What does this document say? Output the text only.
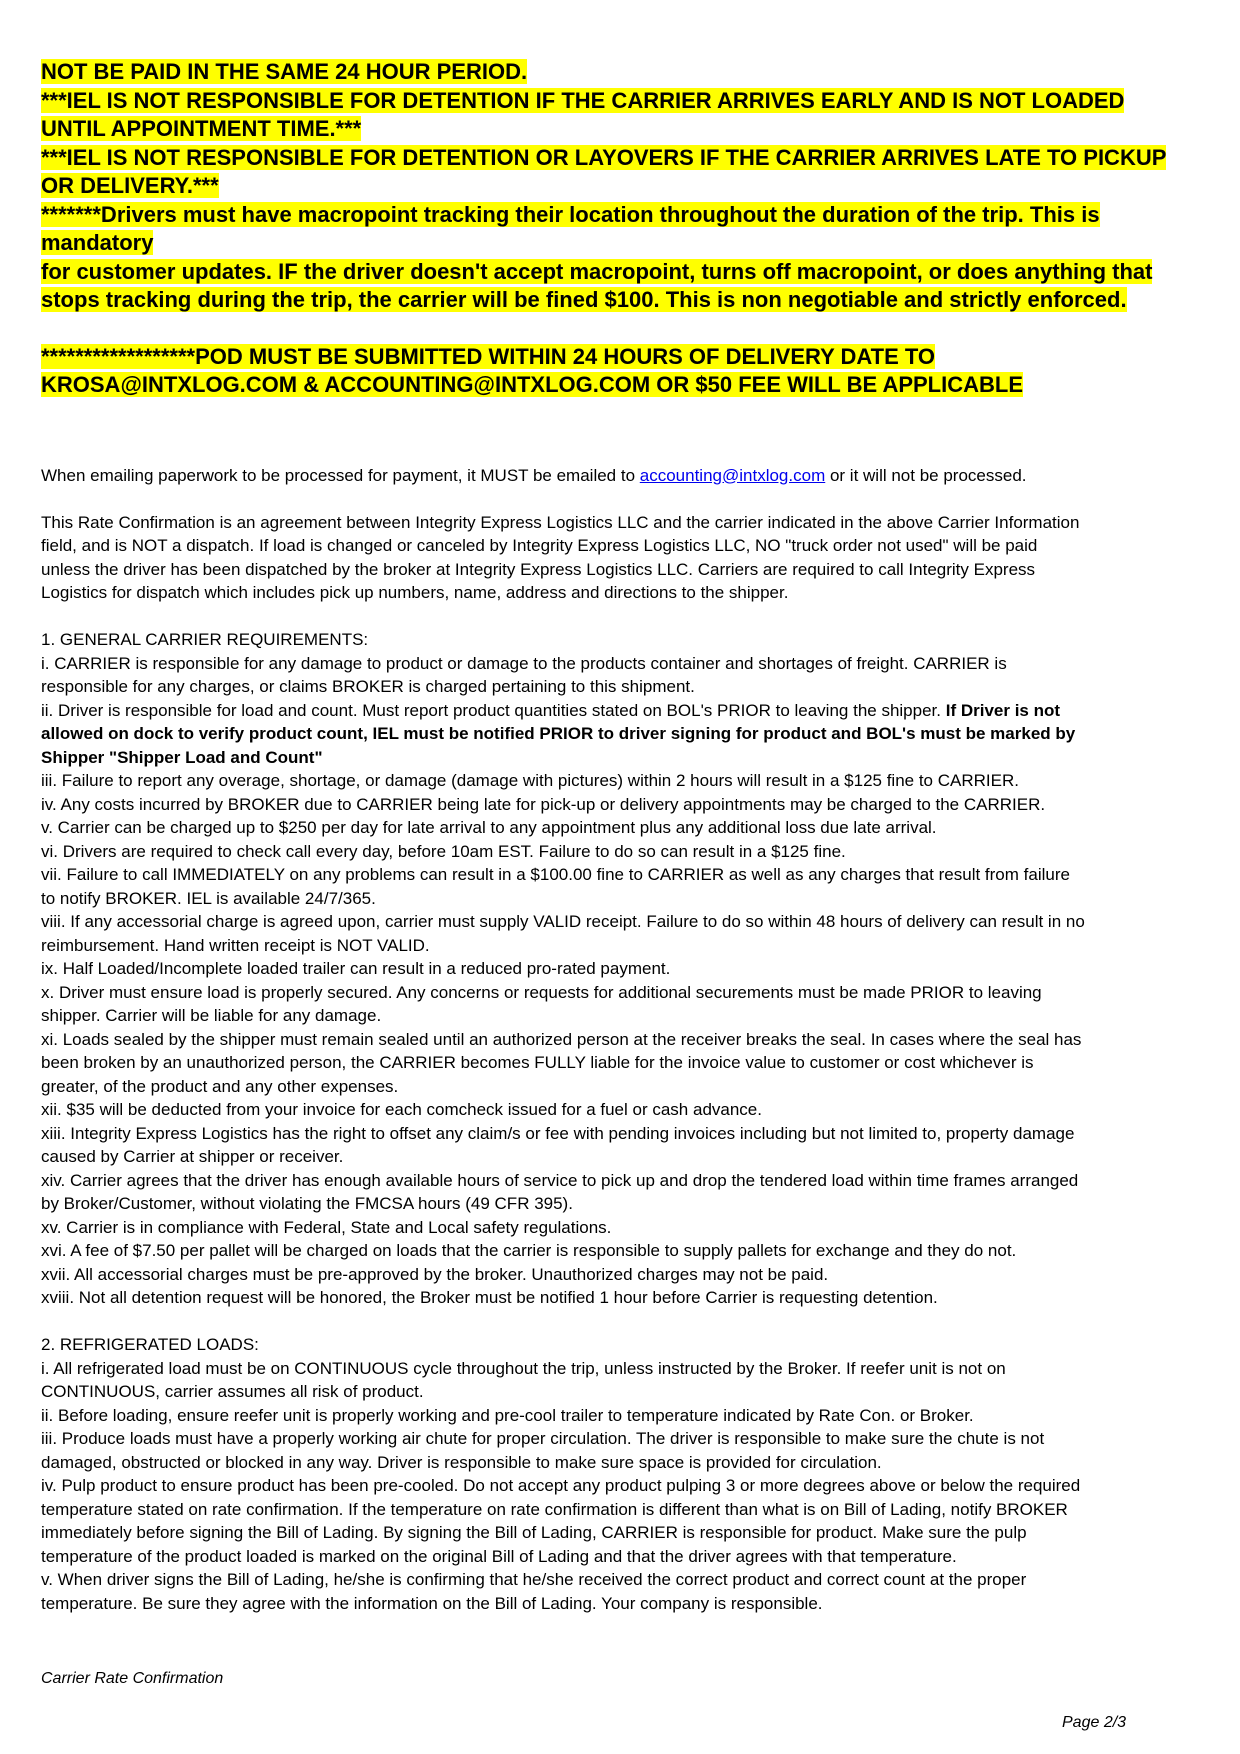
NOT BE PAID IN THE SAME 24 HOUR PERIOD.
***IEL IS NOT RESPONSIBLE FOR DETENTION IF THE CARRIER ARRIVES EARLY AND IS NOT LOADED
UNTIL APPOINTMENT TIME.***
***IEL IS NOT RESPONSIBLE FOR DETENTION OR LAYOVERS IF THE CARRIER ARRIVES LATE TO PICKUP
OR DELIVERY.***
*******Drivers must have macropoint tracking their location throughout the duration of the trip. This is
mandatory
for customer updates. IF the driver doesn't accept macropoint, turns off macropoint, or does anything that
stops tracking during the trip, the carrier will be fined $100. This is non negotiable and strictly enforced.
******************POD MUST BE SUBMITTED WITHIN 24 HOURS OF DELIVERY DATE TO
KROSA@INTXLOG.COM & ACCOUNTING@INTXLOG.COM OR $50 FEE WILL BE APPLICABLE
When emailing paperwork to be processed for payment, it MUST be emailed to accounting@intxlog.com or it will not be processed.
This Rate Confirmation is an agreement between Integrity Express Logistics LLC and the carrier indicated in the above Carrier Information
field, and is NOT a dispatch. If load is changed or canceled by Integrity Express Logistics LLC, NO "truck order not used" will be paid
unless the driver has been dispatched by the broker at Integrity Express Logistics LLC. Carriers are required to call Integrity Express
Logistics for dispatch which includes pick up numbers, name, address and directions to the shipper.
1. GENERAL CARRIER REQUIREMENTS:
i. CARRIER is responsible for any damage to product or damage to the products container and shortages of freight. CARRIER is
responsible for any charges, or claims BROKER is charged pertaining to this shipment.
ii. Driver is responsible for load and count. Must report product quantities stated on BOL's PRIOR to leaving the shipper. If Driver is not
allowed on dock to verify product count, IEL must be notified PRIOR to driver signing for product and BOL's must be marked by
Shipper "Shipper Load and Count"
iii. Failure to report any overage, shortage, or damage (damage with pictures) within 2 hours will result in a $125 fine to CARRIER.
iv. Any costs incurred by BROKER due to CARRIER being late for pick-up or delivery appointments may be charged to the CARRIER.
v. Carrier can be charged up to $250 per day for late arrival to any appointment plus any additional loss due late arrival.
vi. Drivers are required to check call every day, before 10am EST. Failure to do so can result in a $125 fine.
vii. Failure to call IMMEDIATELY on any problems can result in a $100.00 fine to CARRIER as well as any charges that result from failure
to notify BROKER. IEL is available 24/7/365.
viii. If any accessorial charge is agreed upon, carrier must supply VALID receipt. Failure to do so within 48 hours of delivery can result in no
reimbursement. Hand written receipt is NOT VALID.
ix. Half Loaded/Incomplete loaded trailer can result in a reduced pro-rated payment.
x. Driver must ensure load is properly secured. Any concerns or requests for additional securements must be made PRIOR to leaving
shipper. Carrier will be liable for any damage.
xi. Loads sealed by the shipper must remain sealed until an authorized person at the receiver breaks the seal. In cases where the seal has
been broken by an unauthorized person, the CARRIER becomes FULLY liable for the invoice value to customer or cost whichever is
greater, of the product and any other expenses.
xii. $35 will be deducted from your invoice for each comcheck issued for a fuel or cash advance.
xiii. Integrity Express Logistics has the right to offset any claim/s or fee with pending invoices including but not limited to, property damage
caused by Carrier at shipper or receiver.
xiv. Carrier agrees that the driver has enough available hours of service to pick up and drop the tendered load within time frames arranged
by Broker/Customer, without violating the FMCSA hours (49 CFR 395).
xv. Carrier is in compliance with Federal, State and Local safety regulations.
xvi. A fee of $7.50 per pallet will be charged on loads that the carrier is responsible to supply pallets for exchange and they do not.
xvii. All accessorial charges must be pre-approved by the broker. Unauthorized charges may not be paid.
xviii. Not all detention request will be honored, the Broker must be notified 1 hour before Carrier is requesting detention.
2. REFRIGERATED LOADS:
i. All refrigerated load must be on CONTINUOUS cycle throughout the trip, unless instructed by the Broker. If reefer unit is not on
CONTINUOUS, carrier assumes all risk of product.
ii. Before loading, ensure reefer unit is properly working and pre-cool trailer to temperature indicated by Rate Con. or Broker.
iii. Produce loads must have a properly working air chute for proper circulation. The driver is responsible to make sure the chute is not
damaged, obstructed or blocked in any way. Driver is responsible to make sure space is provided for circulation.
iv. Pulp product to ensure product has been pre-cooled. Do not accept any product pulping 3 or more degrees above or below the required
temperature stated on rate confirmation. If the temperature on rate confirmation is different than what is on Bill of Lading, notify BROKER
immediately before signing the Bill of Lading. By signing the Bill of Lading, CARRIER is responsible for product. Make sure the pulp
temperature of the product loaded is marked on the original Bill of Lading and that the driver agrees with that temperature.
v. When driver signs the Bill of Lading, he/she is confirming that he/she received the correct product and correct count at the proper
temperature. Be sure they agree with the information on the Bill of Lading. Your company is responsible.
Carrier Rate Confirmation
Page 2/3
